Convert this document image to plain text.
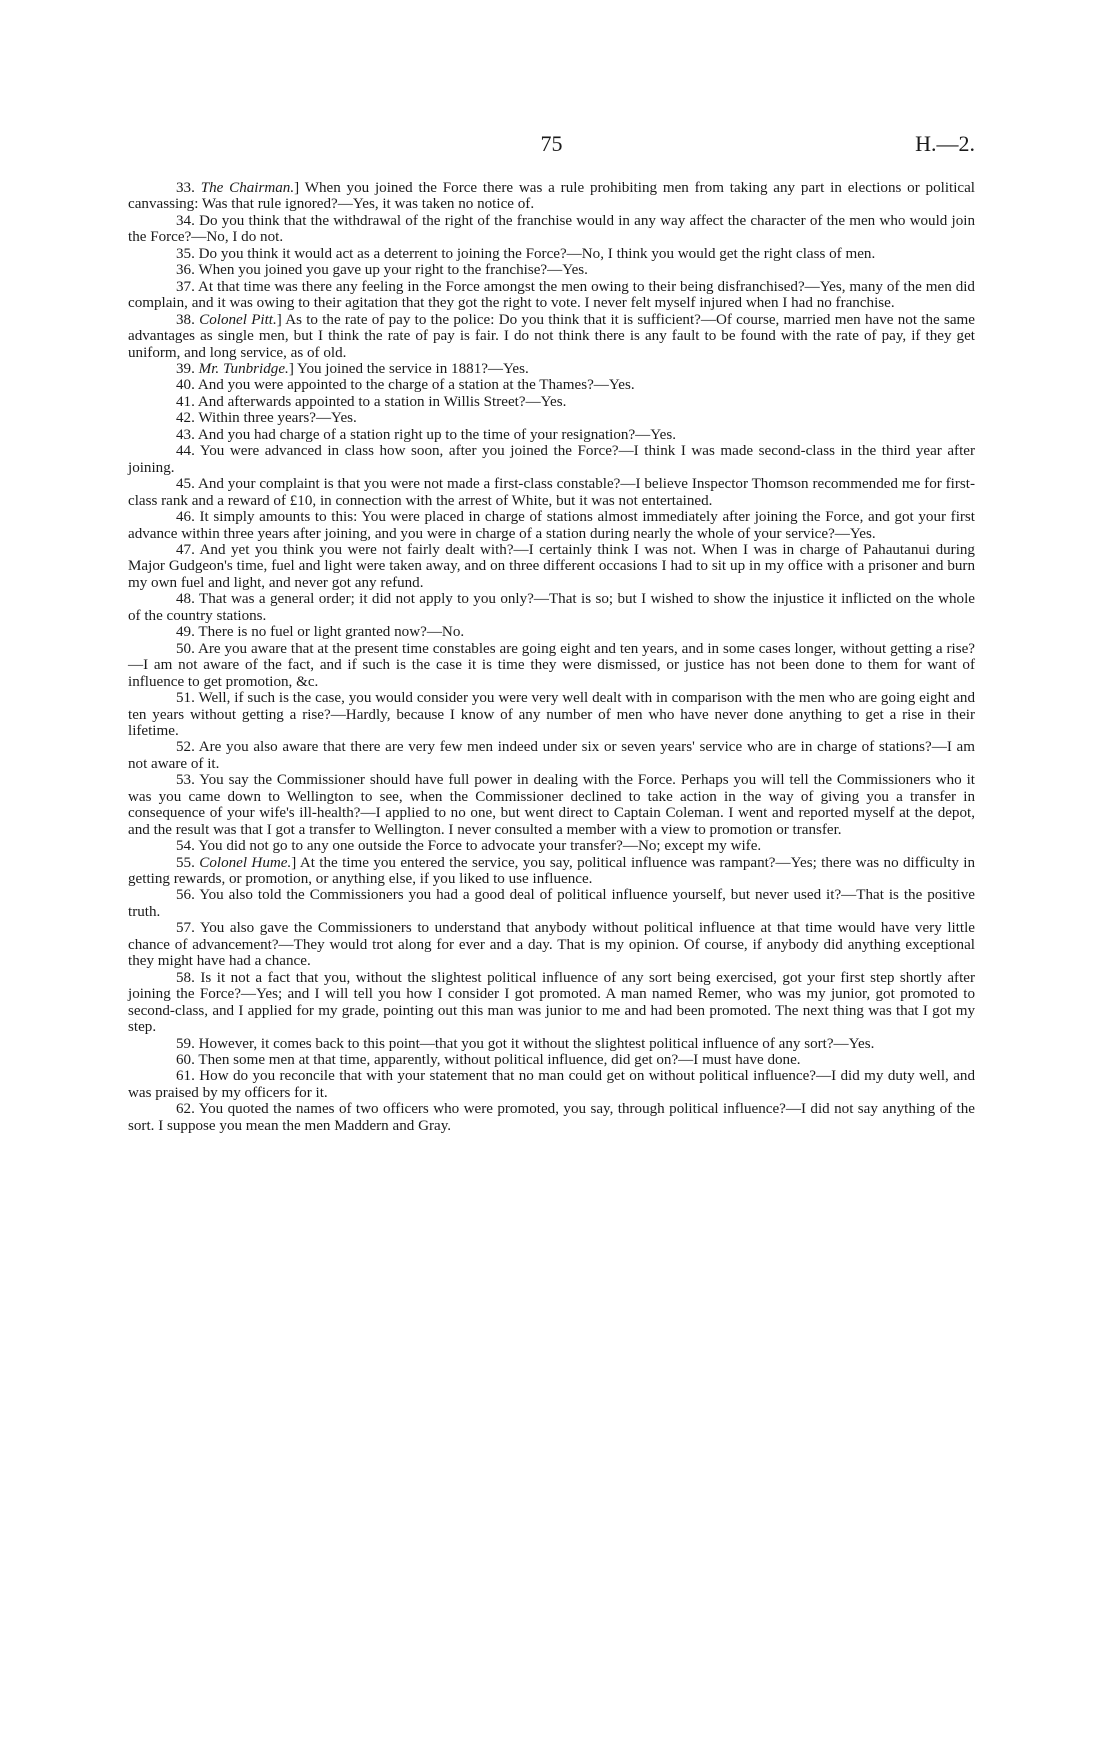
75	H.—2.

33. The Chairman.] When you joined the Force there was a rule prohibiting men from taking any part in elections or political canvassing: Was that rule ignored?—Yes, it was taken no notice of.

34. Do you think that the withdrawal of the right of the franchise would in any way affect the character of the men who would join the Force?—No, I do not.

35. Do you think it would act as a deterrent to joining the Force?—No, I think you would get the right class of men.

36. When you joined you gave up your right to the franchise?—Yes.

37. At that time was there any feeling in the Force amongst the men owing to their being disfranchised?—Yes, many of the men did complain, and it was owing to their agitation that they got the right to vote. I never felt myself injured when I had no franchise.

38. Colonel Pitt.] As to the rate of pay to the police: Do you think that it is sufficient?—Of course, married men have not the same advantages as single men, but I think the rate of pay is fair. I do not think there is any fault to be found with the rate of pay, if they get uniform, and long service, as of old.

39. Mr. Tunbridge.] You joined the service in 1881?—Yes.

40. And you were appointed to the charge of a station at the Thames?—Yes.

41. And afterwards appointed to a station in Willis Street?—Yes.

42. Within three years?—Yes.

43. And you had charge of a station right up to the time of your resignation?—Yes.

44. You were advanced in class how soon, after you joined the Force?—I think I was made second-class in the third year after joining.

45. And your complaint is that you were not made a first-class constable?—I believe Inspector Thomson recommended me for first-class rank and a reward of £10, in connection with the arrest of White, but it was not entertained.

46. It simply amounts to this: You were placed in charge of stations almost immediately after joining the Force, and got your first advance within three years after joining, and you were in charge of a station during nearly the whole of your service?—Yes.

47. And yet you think you were not fairly dealt with?—I certainly think I was not. When I was in charge of Pahautanui during Major Gudgeon's time, fuel and light were taken away, and on three different occasions I had to sit up in my office with a prisoner and burn my own fuel and light, and never got any refund.

48. That was a general order; it did not apply to you only?—That is so; but I wished to show the injustice it inflicted on the whole of the country stations.

49. There is no fuel or light granted now?—No.

50. Are you aware that at the present time constables are going eight and ten years, and in some cases longer, without getting a rise?—I am not aware of the fact, and if such is the case it is time they were dismissed, or justice has not been done to them for want of influence to get promotion, &c.

51. Well, if such is the case, you would consider you were very well dealt with in comparison with the men who are going eight and ten years without getting a rise?—Hardly, because I know of any number of men who have never done anything to get a rise in their lifetime.

52. Are you also aware that there are very few men indeed under six or seven years' service who are in charge of stations?—I am not aware of it.

53. You say the Commissioner should have full power in dealing with the Force. Perhaps you will tell the Commissioners who it was you came down to Wellington to see, when the Commissioner declined to take action in the way of giving you a transfer in consequence of your wife's ill-health?—I applied to no one, but went direct to Captain Coleman. I went and reported myself at the depot, and the result was that I got a transfer to Wellington. I never consulted a member with a view to promotion or transfer.

54. You did not go to any one outside the Force to advocate your transfer?—No; except my wife.

55. Colonel Hume.] At the time you entered the service, you say, political influence was rampant?—Yes; there was no difficulty in getting rewards, or promotion, or anything else, if you liked to use influence.

56. You also told the Commissioners you had a good deal of political influence yourself, but never used it?—That is the positive truth.

57. You also gave the Commissioners to understand that anybody without political influence at that time would have very little chance of advancement?—They would trot along for ever and a day. That is my opinion. Of course, if anybody did anything exceptional they might have had a chance.

58. Is it not a fact that you, without the slightest political influence of any sort being exercised, got your first step shortly after joining the Force?—Yes; and I will tell you how I consider I got promoted. A man named Remer, who was my junior, got promoted to second-class, and I applied for my grade, pointing out this man was junior to me and had been promoted. The next thing was that I got my step.

59. However, it comes back to this point—that you got it without the slightest political influence of any sort?—Yes.

60. Then some men at that time, apparently, without political influence, did get on?—I must have done.

61. How do you reconcile that with your statement that no man could get on without political influence?—I did my duty well, and was praised by my officers for it.

62. You quoted the names of two officers who were promoted, you say, through political influence?—I did not say anything of the sort. I suppose you mean the men Maddern and Gray.
